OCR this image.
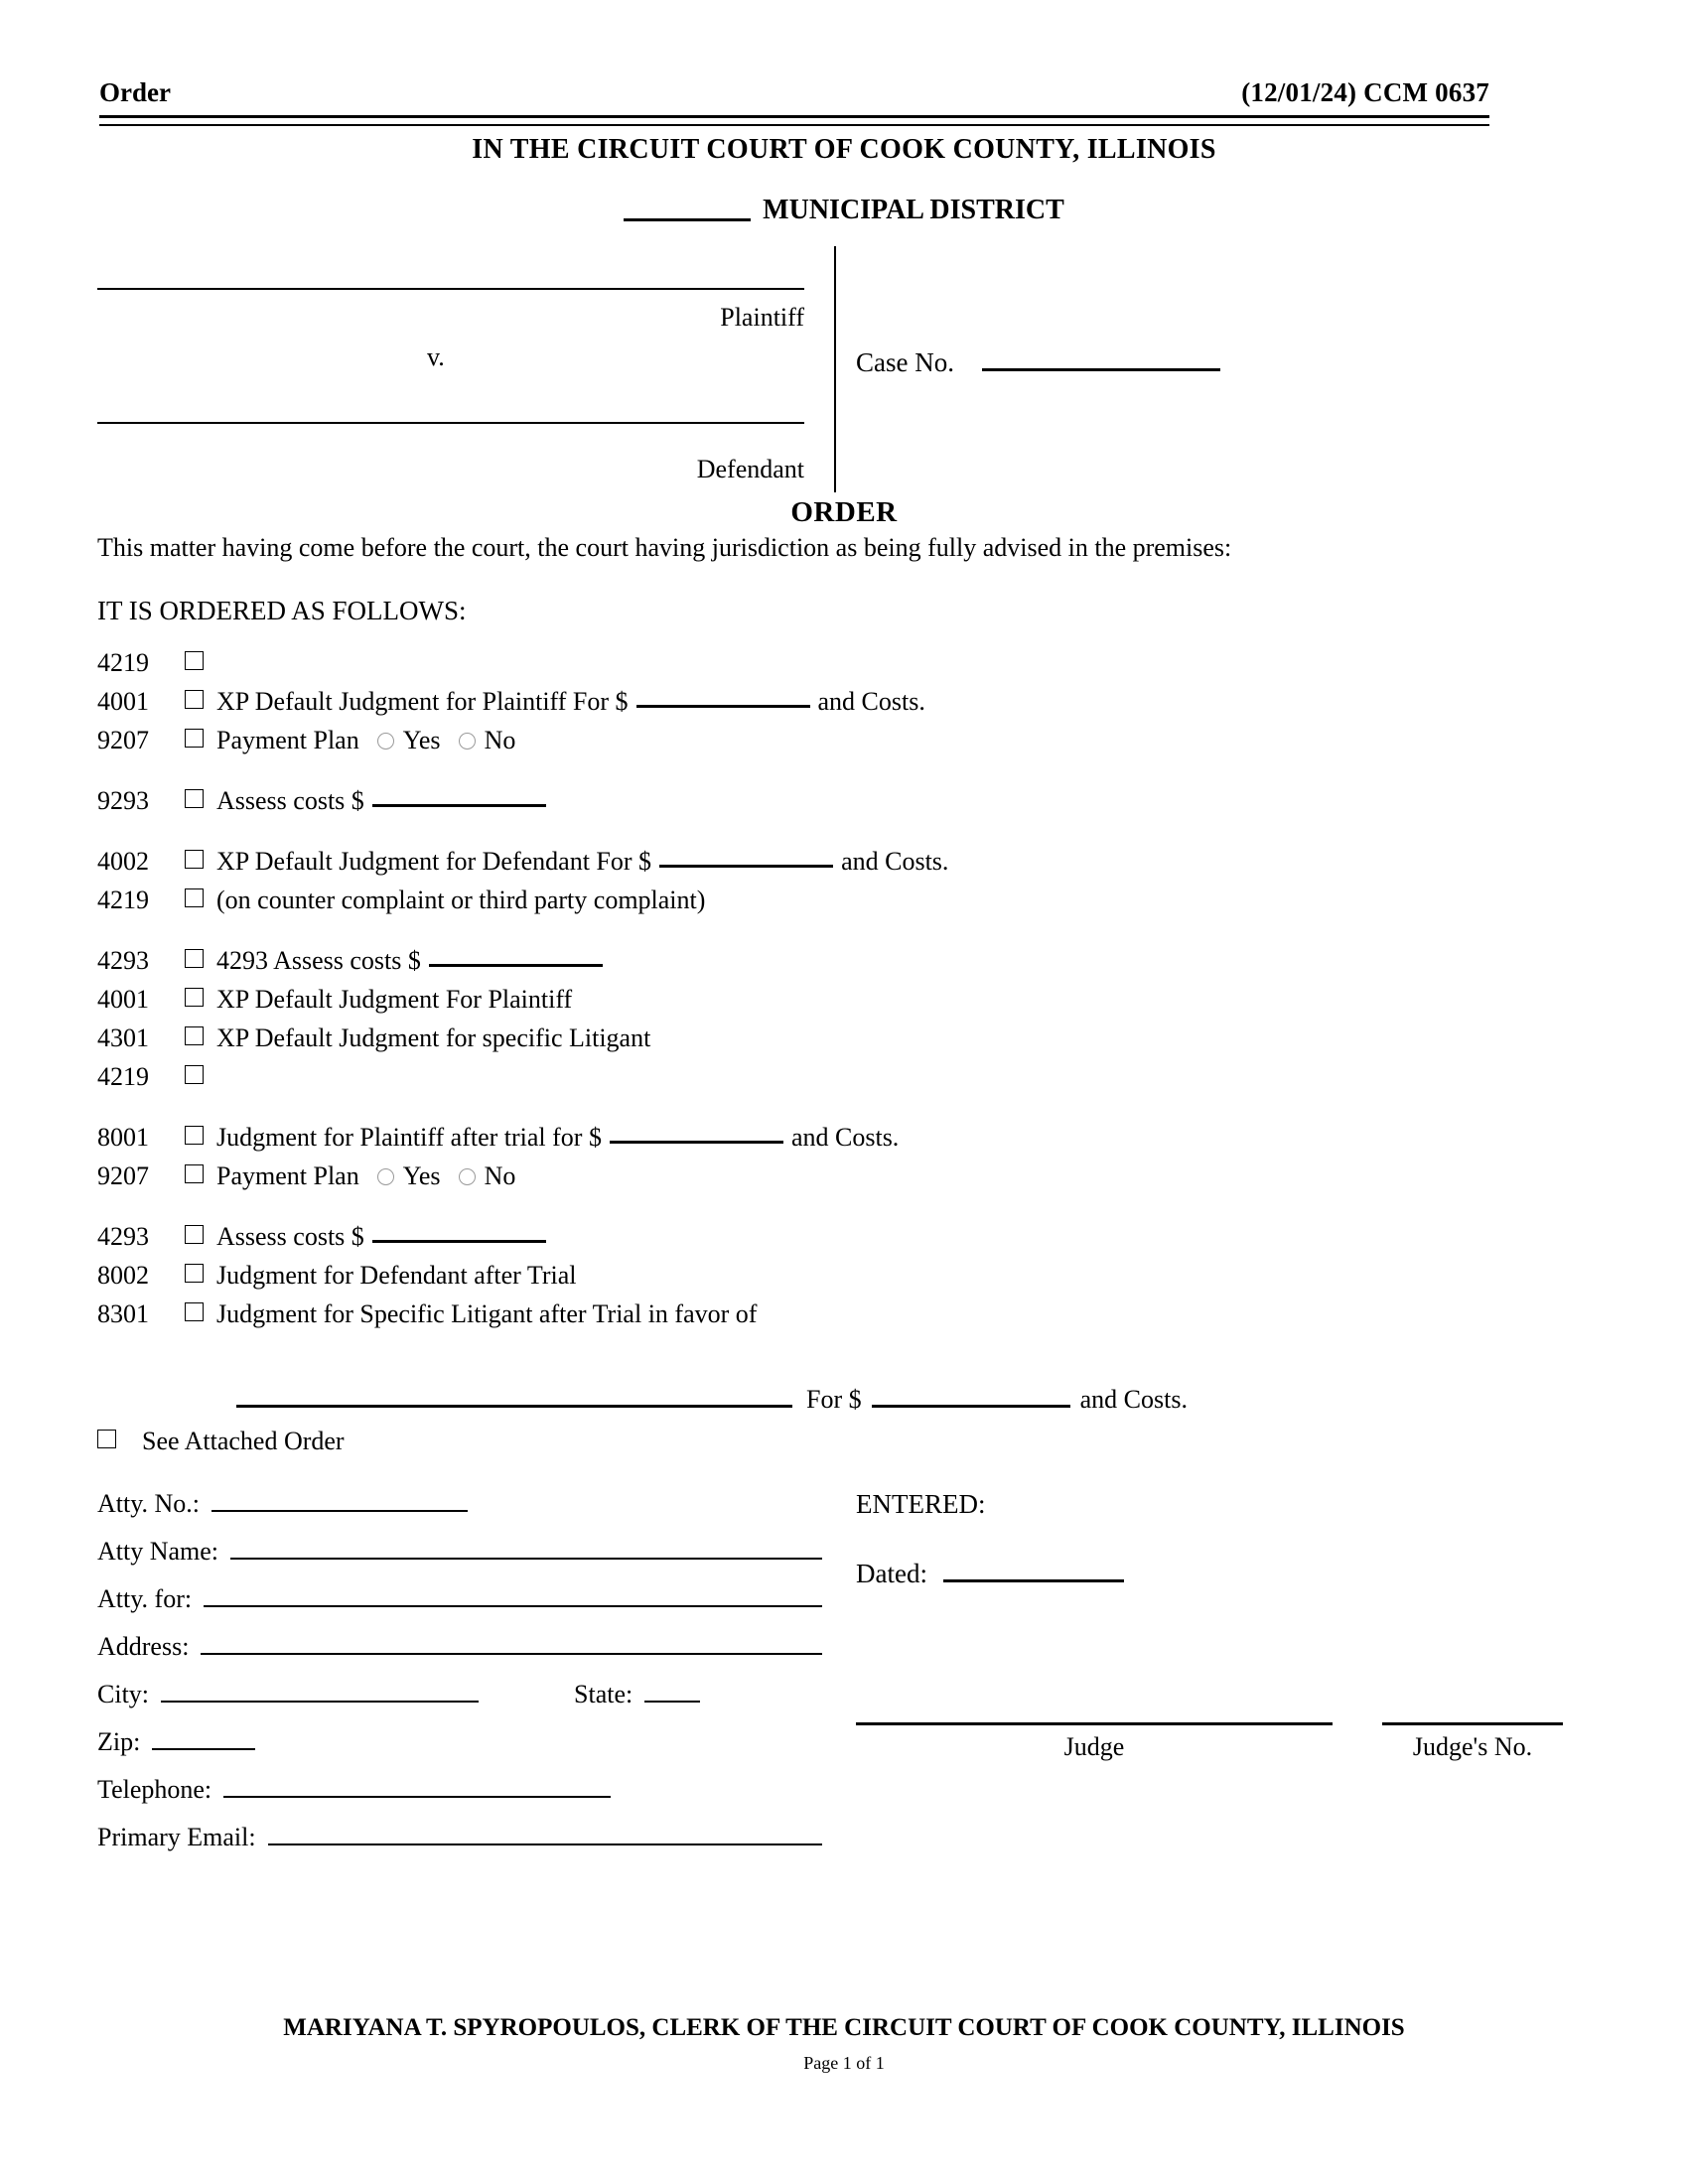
Order	(12/01/24) CCM 0637
IN THE CIRCUIT COURT OF COOK COUNTY, ILLINOIS
MUNICIPAL DISTRICT
Plaintiff
v.
Defendant
Case No.
ORDER
This matter having come before the court, the court having jurisdiction as being fully advised in the premises:
IT IS ORDERED AS FOLLOWS:
4219
4001	XP Default Judgment for Plaintiff For $	and Costs.
9207	Payment Plan Yes No
9293	Assess costs $
4002	XP Default Judgment for Defendant For $	and Costs.
4219	(on counter complaint or third party complaint)
4293	4293 Assess costs $
4001	XP Default Judgment For Plaintiff
4301	XP Default Judgment for specific Litigant
4219
8001	Judgment for Plaintiff after trial for $	and Costs.
9207	Payment Plan Yes No
4293	Assess costs $
8002	Judgment for Defendant after Trial
8301	Judgment for Specific Litigant after Trial in favor of
For $	and Costs.
See Attached Order
Atty. No.:
Atty Name:
Atty. for:
Address:
City:	State:
Zip:
Telephone:
Primary Email:
ENTERED:
Dated:
Judge	Judge's No.
MARIYANA T. SPYROPOULOS, CLERK OF THE CIRCUIT COURT OF COOK COUNTY, ILLINOIS
Page 1 of 1
